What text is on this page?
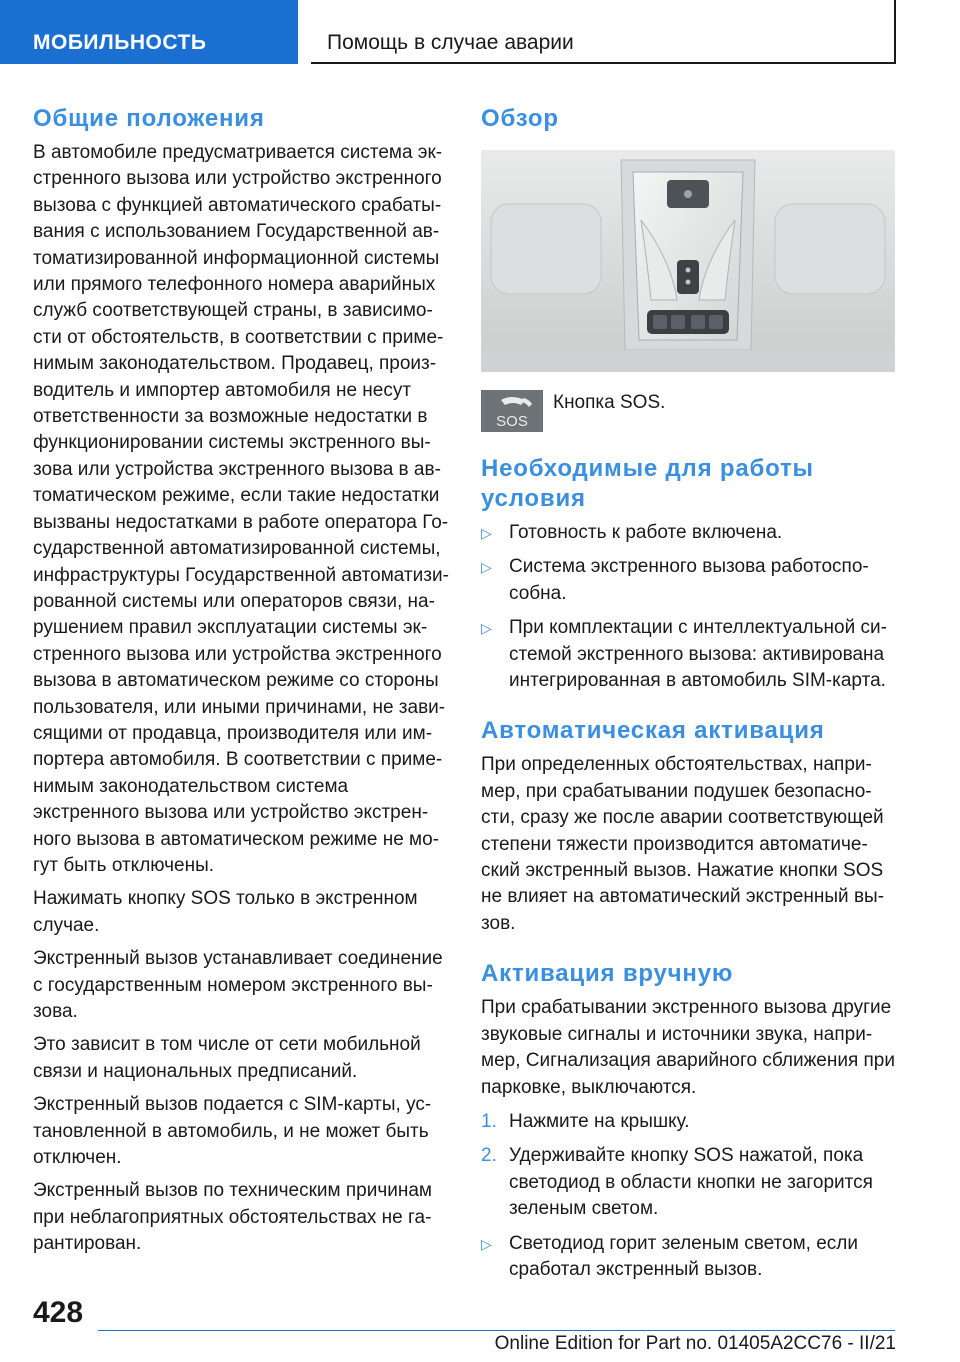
МОБИЛЬНОСТЬ	Помощь в случае аварии
Общие положения

В автомобиле предусматривается система эк-стренного вызова или устройство экстренного вызова с функцией автоматического срабаты-вания с использованием Государственной ав-томатизированной информационной системы или прямого телефонного номера аварийных служб соответствующей страны, в зависимо-сти от обстоятельств, в соответствии с приме-нимым законодательством. Продавец, произ-водитель и импортер автомобиля не несут ответственности за возможные недостатки в функционировании системы экстренного вы-зова или устройства экстренного вызова в ав-томатическом режиме, если такие недостатки вызваны недостатками в работе оператора Го-сударственной автоматизированной системы, инфраструктуры Государственной автоматизи-рованной системы или операторов связи, на-рушением правил эксплуатации системы эк-стренного вызова или устройства экстренного вызова в автоматическом режиме со стороны пользователя, или иными причинами, не зави-сящими от продавца, производителя или им-портера автомобиля. В соответствии с приме-нимым законодательством система экстренного вызова или устройство экстрен-ного вызова в автоматическом режиме не мо-гут быть отключены.

Нажимать кнопку SOS только в экстренном случае.

Экстренный вызов устанавливает соединение с государственным номером экстренного вы-зова.

Это зависит в том числе от сети мобильной связи и национальных предписаний.

Экстренный вызов подается с SIM-карты, ус-тановленной в автомобиль, и не может быть отключен.

Экстренный вызов по техническим причинам при неблагоприятных обстоятельствах не га-рантирован.

Обзор
SOS
Кнопка SOS.
Необходимые для работы условия
▷ Готовность к работе включена.
▷ Система экстренного вызова работоспо-собна.
▷ При комплектации с интеллектуальной си-стемой экстренного вызова: активирована интегрированная в автомобиль SIM-карта.
Автоматическая активация

При определенных обстоятельствах, напри-мер, при срабатывании подушек безопасно-сти, сразу же после аварии соответствующей степени тяжести производится автоматиче-ский экстренный вызов. Нажатие кнопки SOS не влияет на автоматический экстренный вы-зов.

Активация вручную

При срабатывании экстренного вызова другие звуковые сигналы и источники звука, напри-мер, Сигнализация аварийного сближения при парковке, выключаются.

1. Нажмите на крышку.
2. Удерживайте кнопку SOS нажатой, пока светодиод в области кнопки не загорится зеленым светом.
▷ Светодиод горит зеленым светом, если сработал экстренный вызов.
428
Online Edition for Part no. 01405A2CC76 - II/21
